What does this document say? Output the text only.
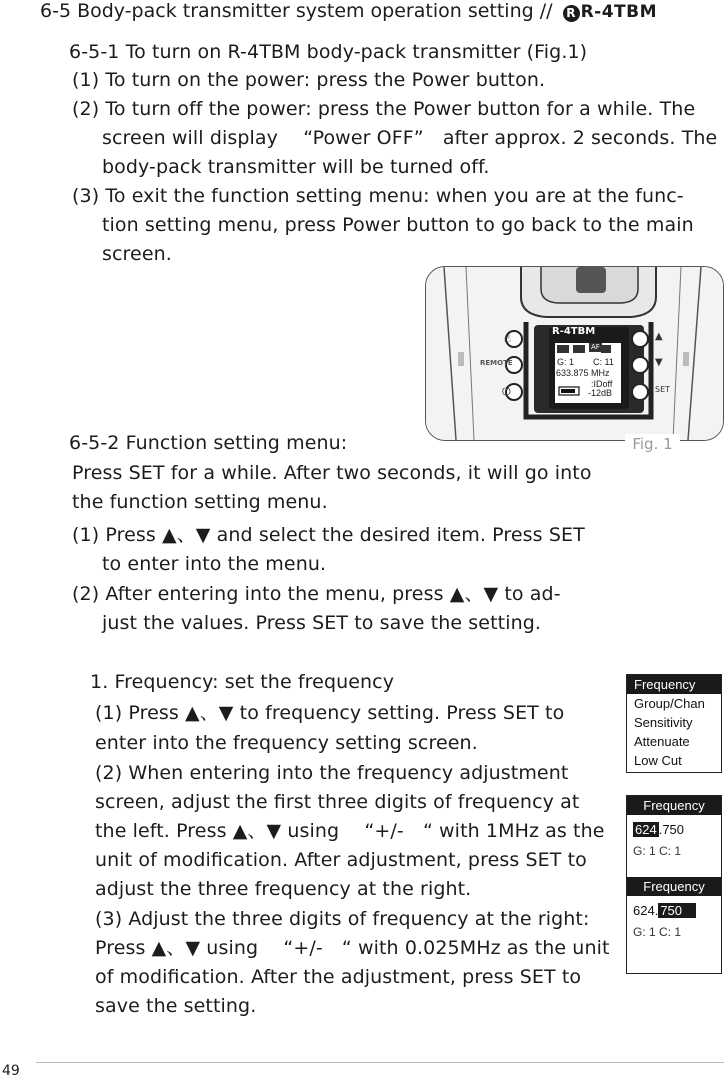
6-5 Body-pack transmitter system operation setting // R R-4TBM
6-5-1 To turn on R-4TBM body-pack transmitter (Fig.1)
(1) To turn on the power: press the Power button.
(2) To turn off the power: press the Power button for a while. The
screen will display 　“Power OFF”　after approx. 2 seconds. The
body-pack transmitter will be turned off.
(3) To exit the function setting menu: when you are at the func-
tion setting menu, press Power button to go back to the main
screen.
R-4TBM
AF
G: 1 C: 11
633.875 MHz
:IDoff
-12dB
▲
▼
SET
⏻
☝
REMOTE
Fig. 1
6-5-2 Function setting menu:
Press SET for a while. After two seconds, it will go into
the function setting menu.
(1) Press ▲、▼ and select the desired item. Press SET
to enter into the menu.
(2) After entering into the menu, press ▲、▼ to ad-
just the values. Press SET to save the setting.
1. Frequency: set the frequency
(1) Press ▲、▼ to frequency setting. Press SET to
enter into the frequency setting screen.
(2) When entering into the frequency adjustment
screen, adjust the ﬁrst three digits of frequency at
the left. Press ▲、▼ using 　“+/-　“ with 1MHz as the
unit of modiﬁcation. After adjustment, press SET to
adjust the three frequency at the right.
(3) Adjust the three digits of frequency at the right:
Press ▲、▼ using 　“+/-　“ with 0.025MHz as the unit
of modiﬁcation. After the adjustment, press SET to
save the setting.
Frequency
Group/Chan
Sensitivity
Attenuate
Low Cut
Frequency
624 .750
G: 1 C: 1
Frequency
624. 750
G: 1 C: 1
49
